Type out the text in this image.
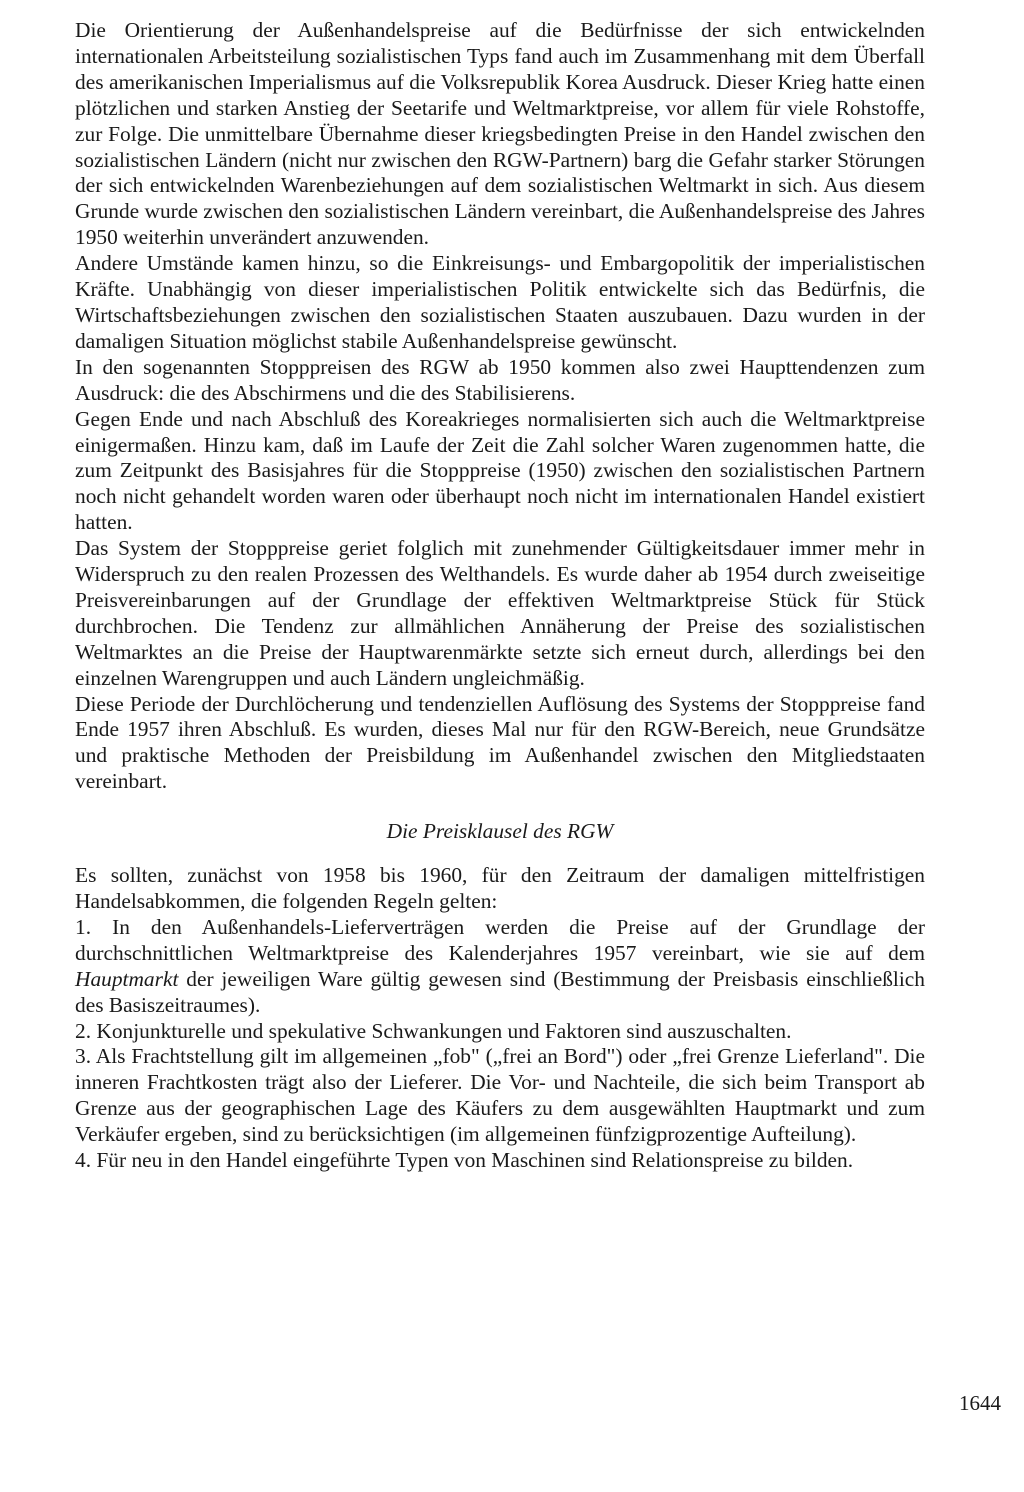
Die Orientierung der Außenhandelspreise auf die Bedürfnisse der sich entwickelnden internationalen Arbeitsteilung sozialistischen Typs fand auch im Zusammenhang mit dem Überfall des amerikanischen Imperialismus auf die Volksrepublik Korea Ausdruck. Dieser Krieg hatte einen plötzlichen und starken Anstieg der Seetarife und Weltmarktpreise, vor allem für viele Rohstoffe, zur Folge. Die unmittelbare Übernahme dieser kriegsbedingten Preise in den Handel zwischen den sozialistischen Ländern (nicht nur zwischen den RGW-Partnern) barg die Gefahr starker Störungen der sich entwickelnden Warenbeziehungen auf dem sozialistischen Weltmarkt in sich. Aus diesem Grunde wurde zwischen den sozialistischen Ländern vereinbart, die Außenhandelspreise des Jahres 1950 weiterhin unverändert anzuwenden.

Andere Umstände kamen hinzu, so die Einkreisungs- und Embargopolitik der imperialistischen Kräfte. Unabhängig von dieser imperialistischen Politik entwickelte sich das Bedürfnis, die Wirtschaftsbeziehungen zwischen den sozialistischen Staaten auszubauen. Dazu wurden in der damaligen Situation möglichst stabile Außenhandelspreise gewünscht.

In den sogenannten Stopppreisen des RGW ab 1950 kommen also zwei Haupttendenzen zum Ausdruck: die des Abschirmens und die des Stabilisierens.

Gegen Ende und nach Abschluß des Koreakrieges normalisierten sich auch die Weltmarktpreise einigermaßen. Hinzu kam, daß im Laufe der Zeit die Zahl solcher Waren zugenommen hatte, die zum Zeitpunkt des Basisjahres für die Stopppreise (1950) zwischen den sozialistischen Partnern noch nicht gehandelt worden waren oder überhaupt noch nicht im internationalen Handel existiert hatten.

Das System der Stopppreise geriet folglich mit zunehmender Gültigkeitsdauer immer mehr in Widerspruch zu den realen Prozessen des Welthandels. Es wurde daher ab 1954 durch zweiseitige Preisvereinbarungen auf der Grundlage der effektiven Weltmarktpreise Stück für Stück durchbrochen. Die Tendenz zur allmählichen Annäherung der Preise des sozialistischen Weltmarktes an die Preise der Hauptwarenmärkte setzte sich erneut durch, allerdings bei den einzelnen Warengruppen und auch Ländern ungleichmäßig.

Diese Periode der Durchlöcherung und tendenziellen Auflösung des Systems der Stopppreise fand Ende 1957 ihren Abschluß. Es wurden, dieses Mal nur für den RGW-Bereich, neue Grundsätze und praktische Methoden der Preisbildung im Außenhandel zwischen den Mitgliedstaaten vereinbart.

Die Preisklausel des RGW

Es sollten, zunächst von 1958 bis 1960, für den Zeitraum der damaligen mittelfristigen Handelsabkommen, die folgenden Regeln gelten:

1. In den Außenhandels-Lieferverträgen werden die Preise auf der Grundlage der durchschnittlichen Weltmarktpreise des Kalenderjahres 1957 vereinbart, wie sie auf dem Hauptmarkt der jeweiligen Ware gültig gewesen sind (Bestimmung der Preisbasis einschließlich des Basiszeitraumes).

2. Konjunkturelle und spekulative Schwankungen und Faktoren sind auszuschalten.

3. Als Frachtstellung gilt im allgemeinen „fob" („frei an Bord") oder „frei Grenze Lieferland". Die inneren Frachtkosten trägt also der Lieferer. Die Vor- und Nachteile, die sich beim Transport ab Grenze aus der geographischen Lage des Käufers zu dem ausgewählten Hauptmarkt und zum Verkäufer ergeben, sind zu berücksichtigen (im allgemeinen fünfzigprozentige Aufteilung).

4. Für neu in den Handel eingeführte Typen von Maschinen sind Relationspreise zu bilden.

1644
